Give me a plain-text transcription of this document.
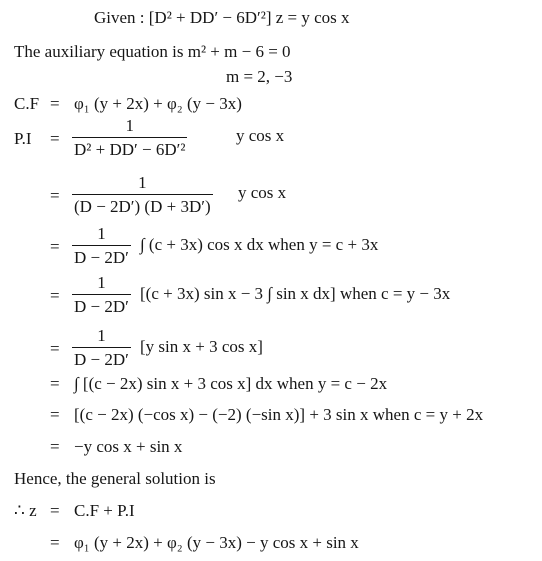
Given : [D² + DD′ − 6D′²] z = y cos x
The auxiliary equation is m² + m − 6 = 0
m = 2, −3
C.F = φ₁ (y + 2x) + φ₂ (y − 3x)
$P.I = \frac{1}{\text{D² + DD′ − 6D′²}}$	y cos x
= $\frac{1}{(D - 2D') (D + 3D')}$ y cos x
= $\frac{1}{D - 2D'}$ ∫ (c + 3x) cos x dx when y = c + 3x
= $\frac{1}{D - 2D'} [(c + 3x)$ sin x − 3 ∫ sin x dx] when c = y − 3x
= $\frac{1}{D - 2D'} [y$ sin x + 3 cos x]
= ∫ [(c − 2x) sin x + 3 cos x] dx when y = c − 2x
= [(c − 2x) (−cos x) − (−2) (−sin x)] + 3 sin x when c = y + 2x
= −y cos x + sin x
Hence, the general solution is
∴ z = C.F + P.I
= φ₁ (y + 2x) + φ₂ (y − 3x) − y cos x + sin x
